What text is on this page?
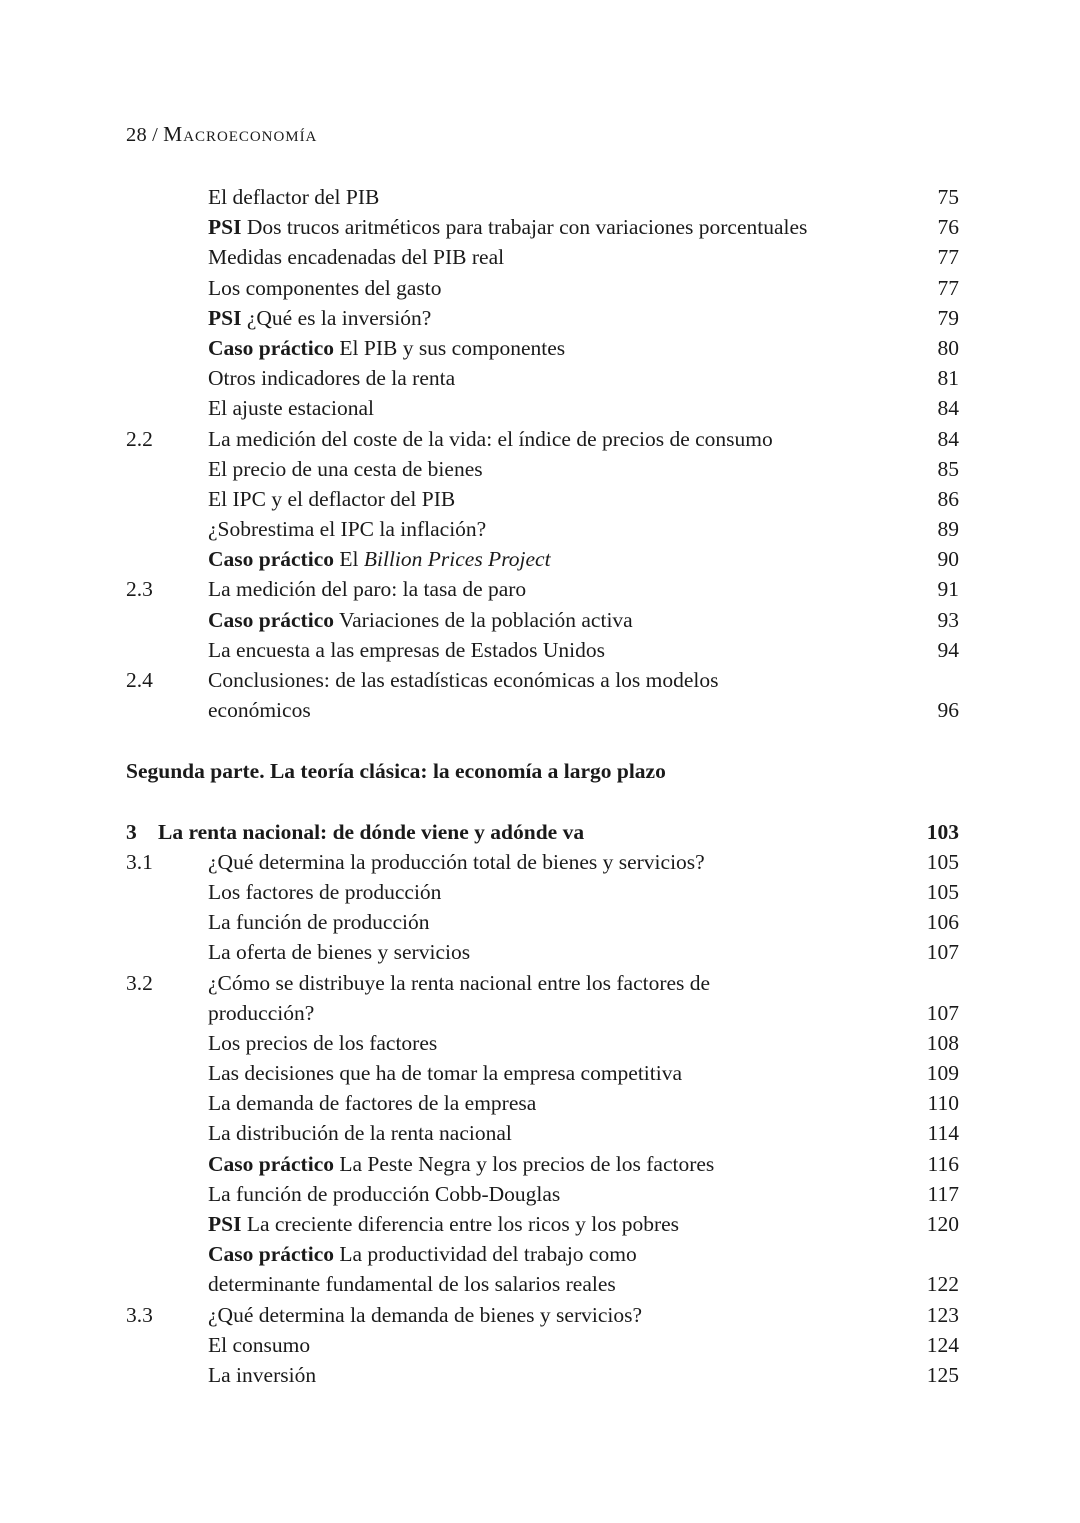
28 / Macroeconomía
El deflactor del PIB	75
PSI Dos trucos aritméticos para trabajar con variaciones porcentuales	76
Medidas encadenadas del PIB real	77
Los componentes del gasto	77
PSI ¿Qué es la inversión?	79
Caso práctico El PIB y sus componentes	80
Otros indicadores de la renta	81
El ajuste estacional	84
2.2	La medición del coste de la vida: el índice de precios de consumo	84
El precio de una cesta de bienes	85
El IPC y el deflactor del PIB	86
¿Sobrestima el IPC la inflación?	89
Caso práctico El Billion Prices Project	90
2.3	La medición del paro: la tasa de paro	91
Caso práctico Variaciones de la población activa	93
La encuesta a las empresas de Estados Unidos	94
2.4	Conclusiones: de las estadísticas económicas a los modelos
económicos	96
Segunda parte. La teoría clásica: la economía a largo plazo
3 La renta nacional: de dónde viene y adónde va	103
3.1	¿Qué determina la producción total de bienes y servicios?	105
Los factores de producción	105
La función de producción	106
La oferta de bienes y servicios	107
3.2	¿Cómo se distribuye la renta nacional entre los factores de
producción?	107
Los precios de los factores	108
Las decisiones que ha de tomar la empresa competitiva	109
La demanda de factores de la empresa	110
La distribución de la renta nacional	114
Caso práctico La Peste Negra y los precios de los factores	116
La función de producción Cobb-Douglas	117
PSI La creciente diferencia entre los ricos y los pobres	120
Caso práctico La productividad del trabajo como
determinante fundamental de los salarios reales	122
3.3	¿Qué determina la demanda de bienes y servicios?	123
El consumo	124
La inversión	125
